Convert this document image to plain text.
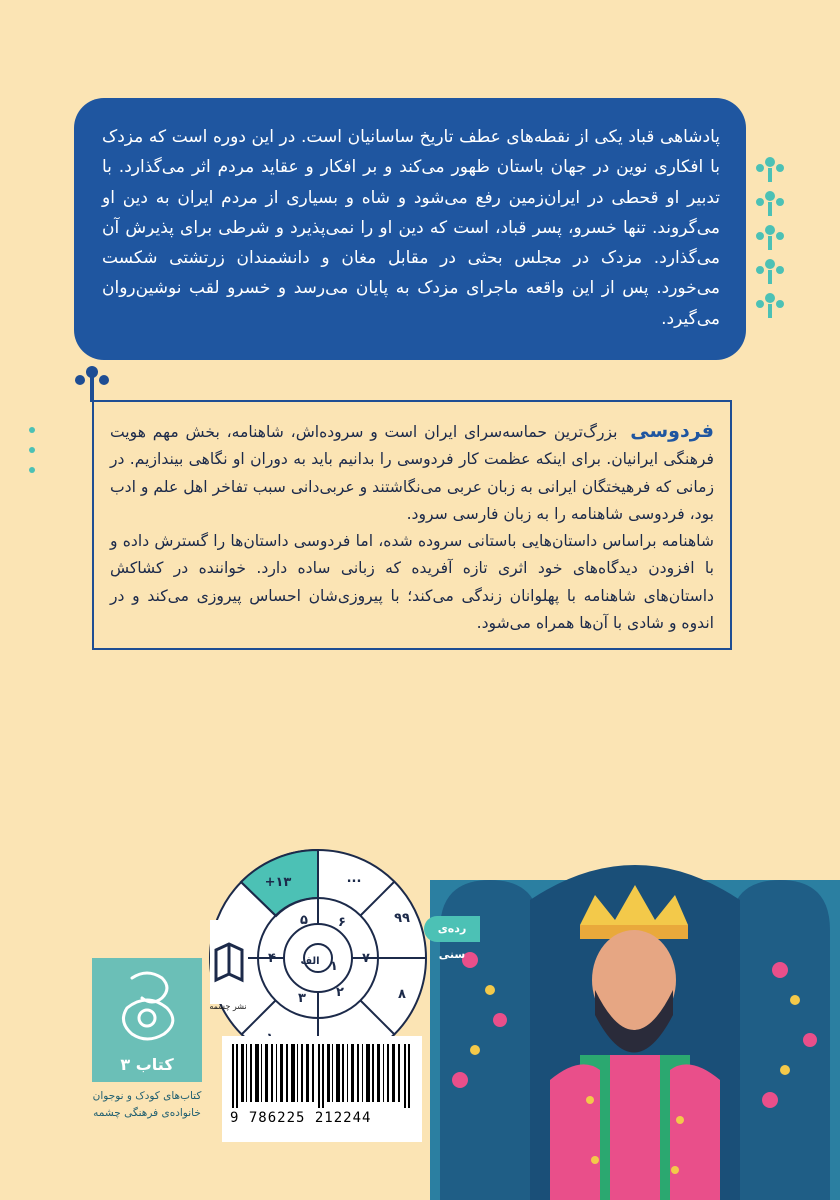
پادشاهی قباد یکی از نقطه‌های عطف تاریخ ساسانیان است. در این دوره است که مزدک با افکاری نوین در جهان باستان ظهور می‌کند و بر افکار و عقاید مردم اثر می‌گذارد. با تدبیر او قحطی در ایران‌زمین رفع می‌شود و شاه و بسیاری از مردم ایران به دین او می‌گروند. تنها خسرو، پسر قباد، است که دین او را نمی‌پذیرد و شرطی برای پذیرش آن می‌گذارد. مزدک در مجلس بحثی در مقابل مغان و دانشمندان زرتشتی شکست می‌خورد. پس از این واقعه ماجرای مزدک به پایان می‌رسد و خسرو لقب نوشین‌روان می‌گیرد.
فردوسی بزرگ‌ترین حماسه‌سرای ایران است و سروده‌اش، شاهنامه، بخش مهم هویت فرهنگی ایرانیان. برای اینکه عظمت کار فردوسی را بدانیم باید به دوران او نگاهی بیندازیم. در زمانی که فرهیختگان ایرانی به زبان عربی می‌نگاشتند و عربی‌دانی سبب تفاخر اهل علم و ادب بود، فردوسی شاهنامه را به زبان فارسی سرود.
شاهنامه براساس داستان‌هایی باستانی سروده شده، اما فردوسی داستان‌ها را گسترش داده و با افزودن دیدگاه‌های خود اثری تازه آفریده که زبانی ساده دارد. خواننده در کشاکش داستان‌های شاهنامه با پهلوانان زندگی می‌کند؛ با پیروزی‌شان احساس پیروزی می‌کند و در اندوه و شادی با آن‌ها همراه می‌شود.
+۱۳	...
۹۹
۸
۷
۶
۵
۴
۳ ۲
۱
الف
رده‌ی سنی
نشر چشمه
کتاب ۳
کتاب‌های کودک و نوجوان
خانواده‌ی فرهنگی چشمه	9 786225 212244
